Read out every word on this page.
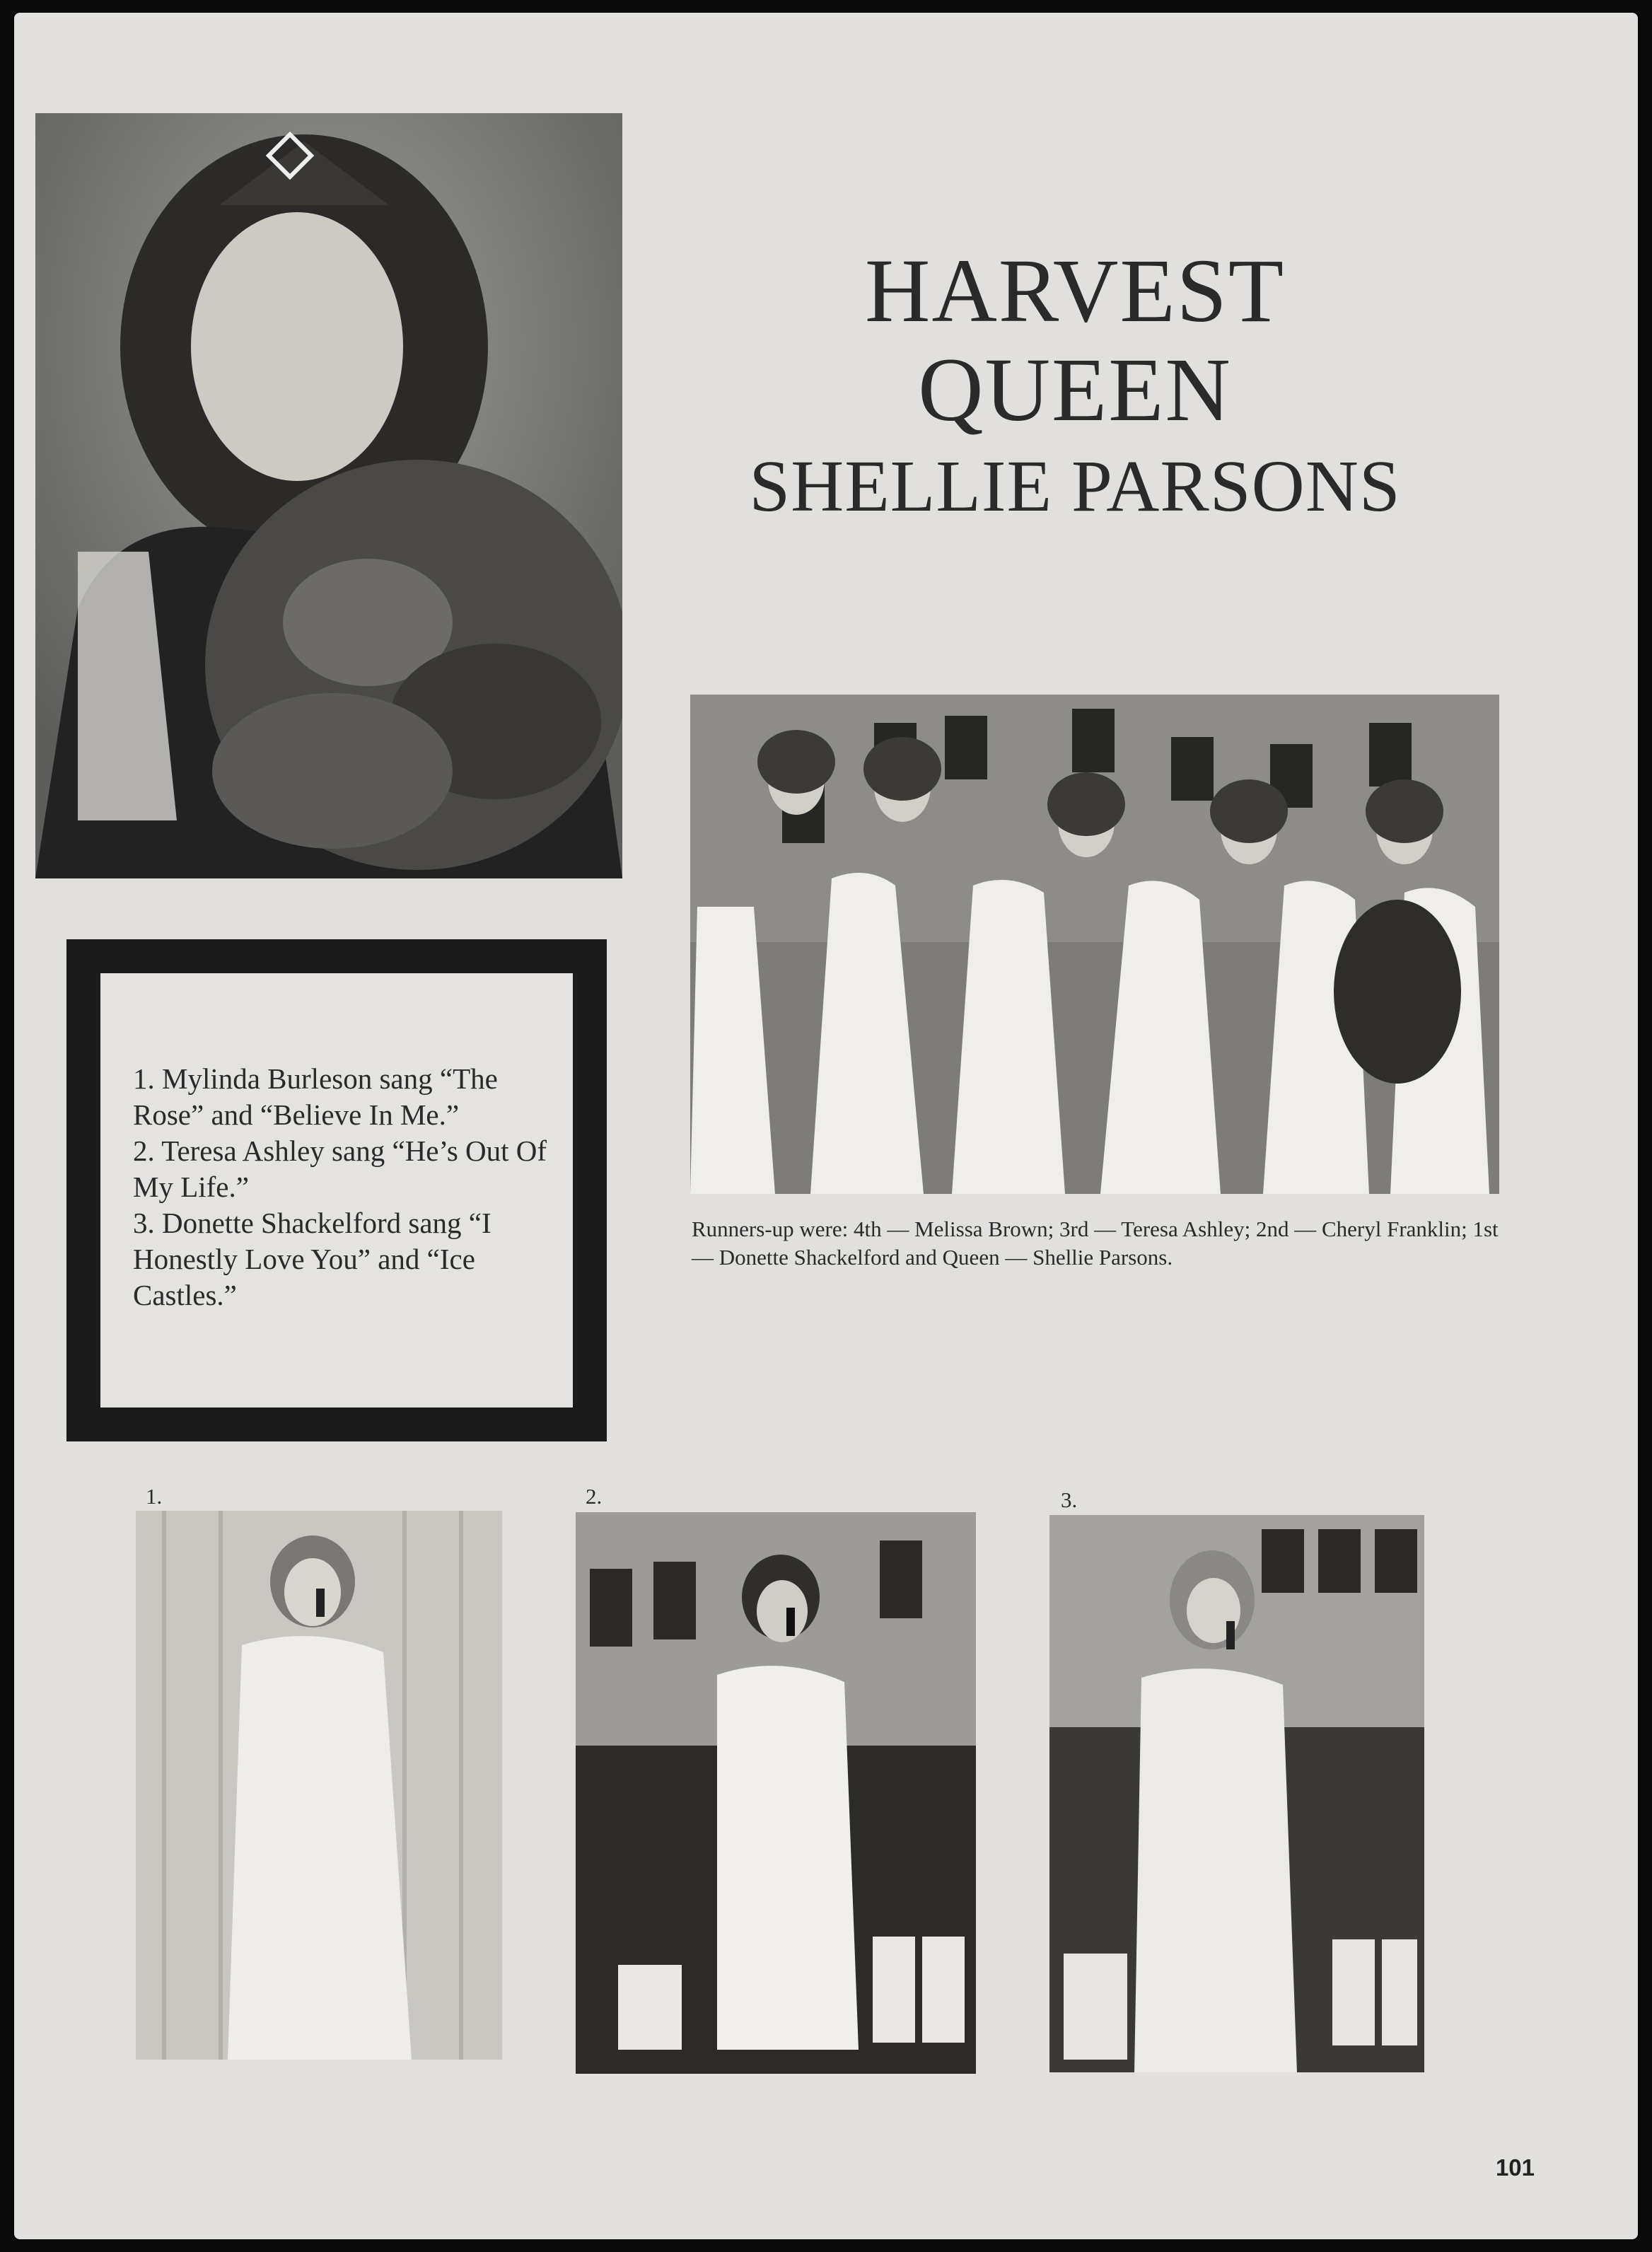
HARVEST
QUEEN
SHELLIE PARSONS

Runners-up were: 4th — Melissa Brown; 3rd — Teresa Ashley; 2nd — Cheryl Franklin; 1st — Donette Shackelford and Queen — Shellie Parsons.

1. Mylinda Burleson sang “The Rose” and “Believe In Me.”

2. Teresa Ashley sang “He’s Out Of My Life.”

3. Donette Shackelford sang “I Honestly Love You” and “Ice Castles.”

1.	2.	3.
101
